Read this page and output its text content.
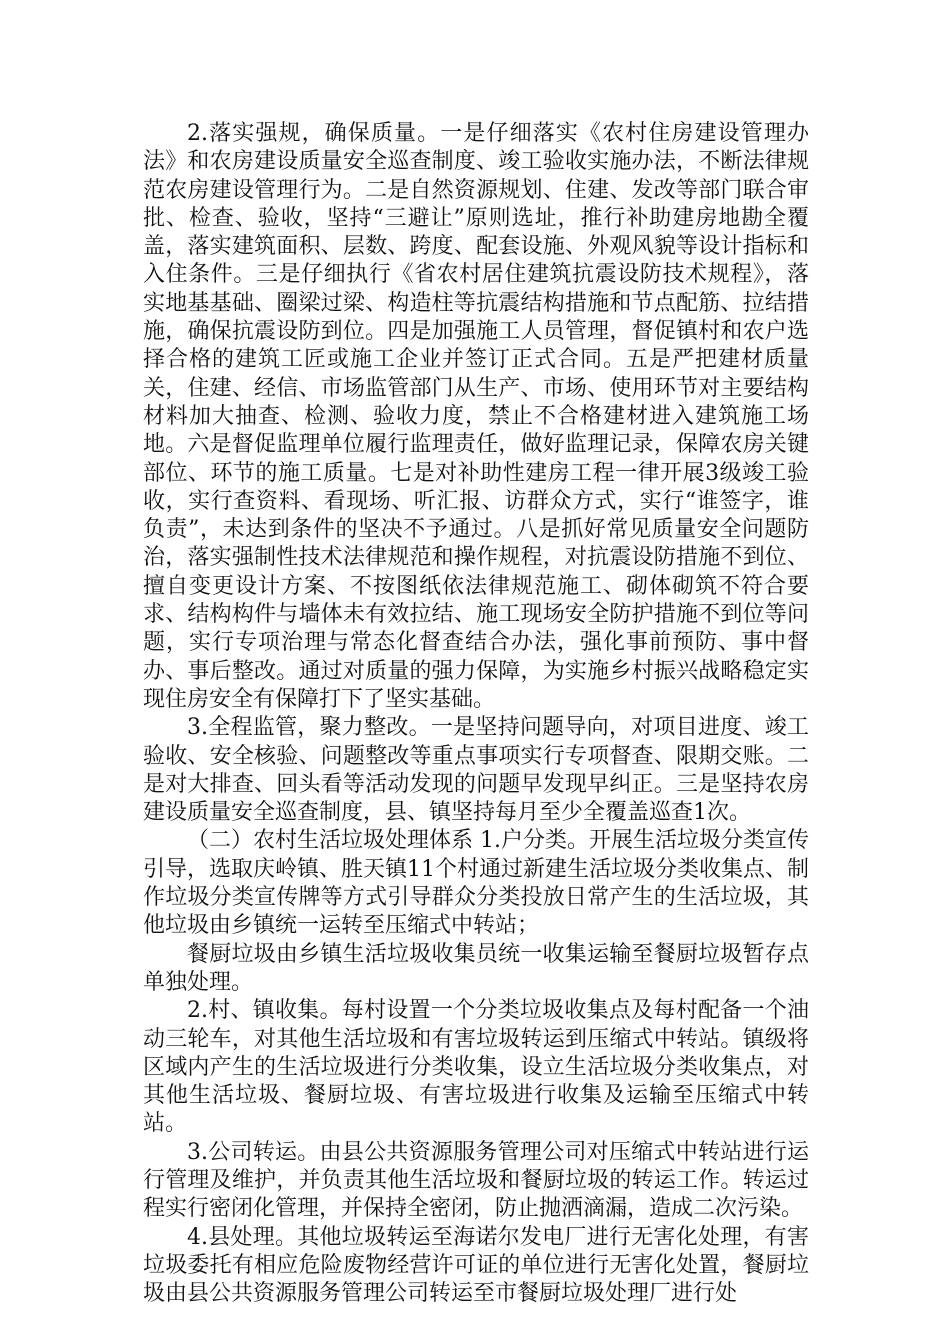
2.落实强规，确保质量。一是仔细落实《农村住房建设管理办法》和农房建设质量安全巡查制度、竣工验收实施办法，不断法律规范农房建设管理行为。二是自然资源规划、住建、发改等部门联合审批、检查、验收，坚持“三避让”原则选址，推行补助建房地勘全覆盖，落实建筑面积、层数、跨度、配套设施、外观风貌等设计指标和入住条件。三是仔细执行《省农村居住建筑抗震设防技术规程》，落实地基基础、圈梁过梁、构造柱等抗震结构措施和节点配筋、拉结措施，确保抗震设防到位。四是加强施工人员管理，督促镇村和农户选择合格的建筑工匠或施工企业并签订正式合同。五是严把建材质量关，住建、经信、市场监管部门从生产、市场、使用环节对主要结构材料加大抽查、检测、验收力度，禁止不合格建材进入建筑施工场地。六是督促监理单位履行监理责任，做好监理记录，保障农房关键部位、环节的施工质量。七是对补助性建房工程一律开展3级竣工验收，实行查资料、看现场、听汇报、访群众方式，实行“谁签字，谁负责”，未达到条件的坚决不予通过。八是抓好常见质量安全问题防治，落实强制性技术法律规范和操作规程，对抗震设防措施不到位、擅自变更设计方案、不按图纸依法律规范施工、砌体砌筑不符合要求、结构构件与墙体未有效拉结、施工现场安全防护措施不到位等问题，实行专项治理与常态化督查结合办法，强化事前预防、事中督办、事后整改。通过对质量的强力保障，为实施乡村振兴战略稳定实现住房安全有保障打下了坚实基础。

3.全程监管，聚力整改。一是坚持问题导向，对项目进度、竣工验收、安全核验、问题整改等重点事项实行专项督查、限期交账。二是对大排查、回头看等活动发现的问题早发现早纠正。三是坚持农房建设质量安全巡查制度，县、镇坚持每月至少全覆盖巡查1次。

（二）农村生活垃圾处理体系 1.户分类。开展生活垃圾分类宣传引导，选取庆岭镇、胜天镇11个村通过新建生活垃圾分类收集点、制作垃圾分类宣传牌等方式引导群众分类投放日常产生的生活垃圾，其他垃圾由乡镇统一运转至压缩式中转站；

餐厨垃圾由乡镇生活垃圾收集员统一收集运输至餐厨垃圾暂存点单独处理。

2.村、镇收集。每村设置一个分类垃圾收集点及每村配备一个油动三轮车，对其他生活垃圾和有害垃圾转运到压缩式中转站。镇级将区域内产生的生活垃圾进行分类收集，设立生活垃圾分类收集点，对其他生活垃圾、餐厨垃圾、有害垃圾进行收集及运输至压缩式中转站。

3.公司转运。由县公共资源服务管理公司对压缩式中转站进行运行管理及维护，并负责其他生活垃圾和餐厨垃圾的转运工作。转运过程实行密闭化管理，并保持全密闭，防止抛洒滴漏，造成二次污染。

4.县处理。其他垃圾转运至海诺尔发电厂进行无害化处理，有害垃圾委托有相应危险废物经营许可证的单位进行无害化处置，餐厨垃圾由县公共资源服务管理公司转运至市餐厨垃圾处理厂进行处
